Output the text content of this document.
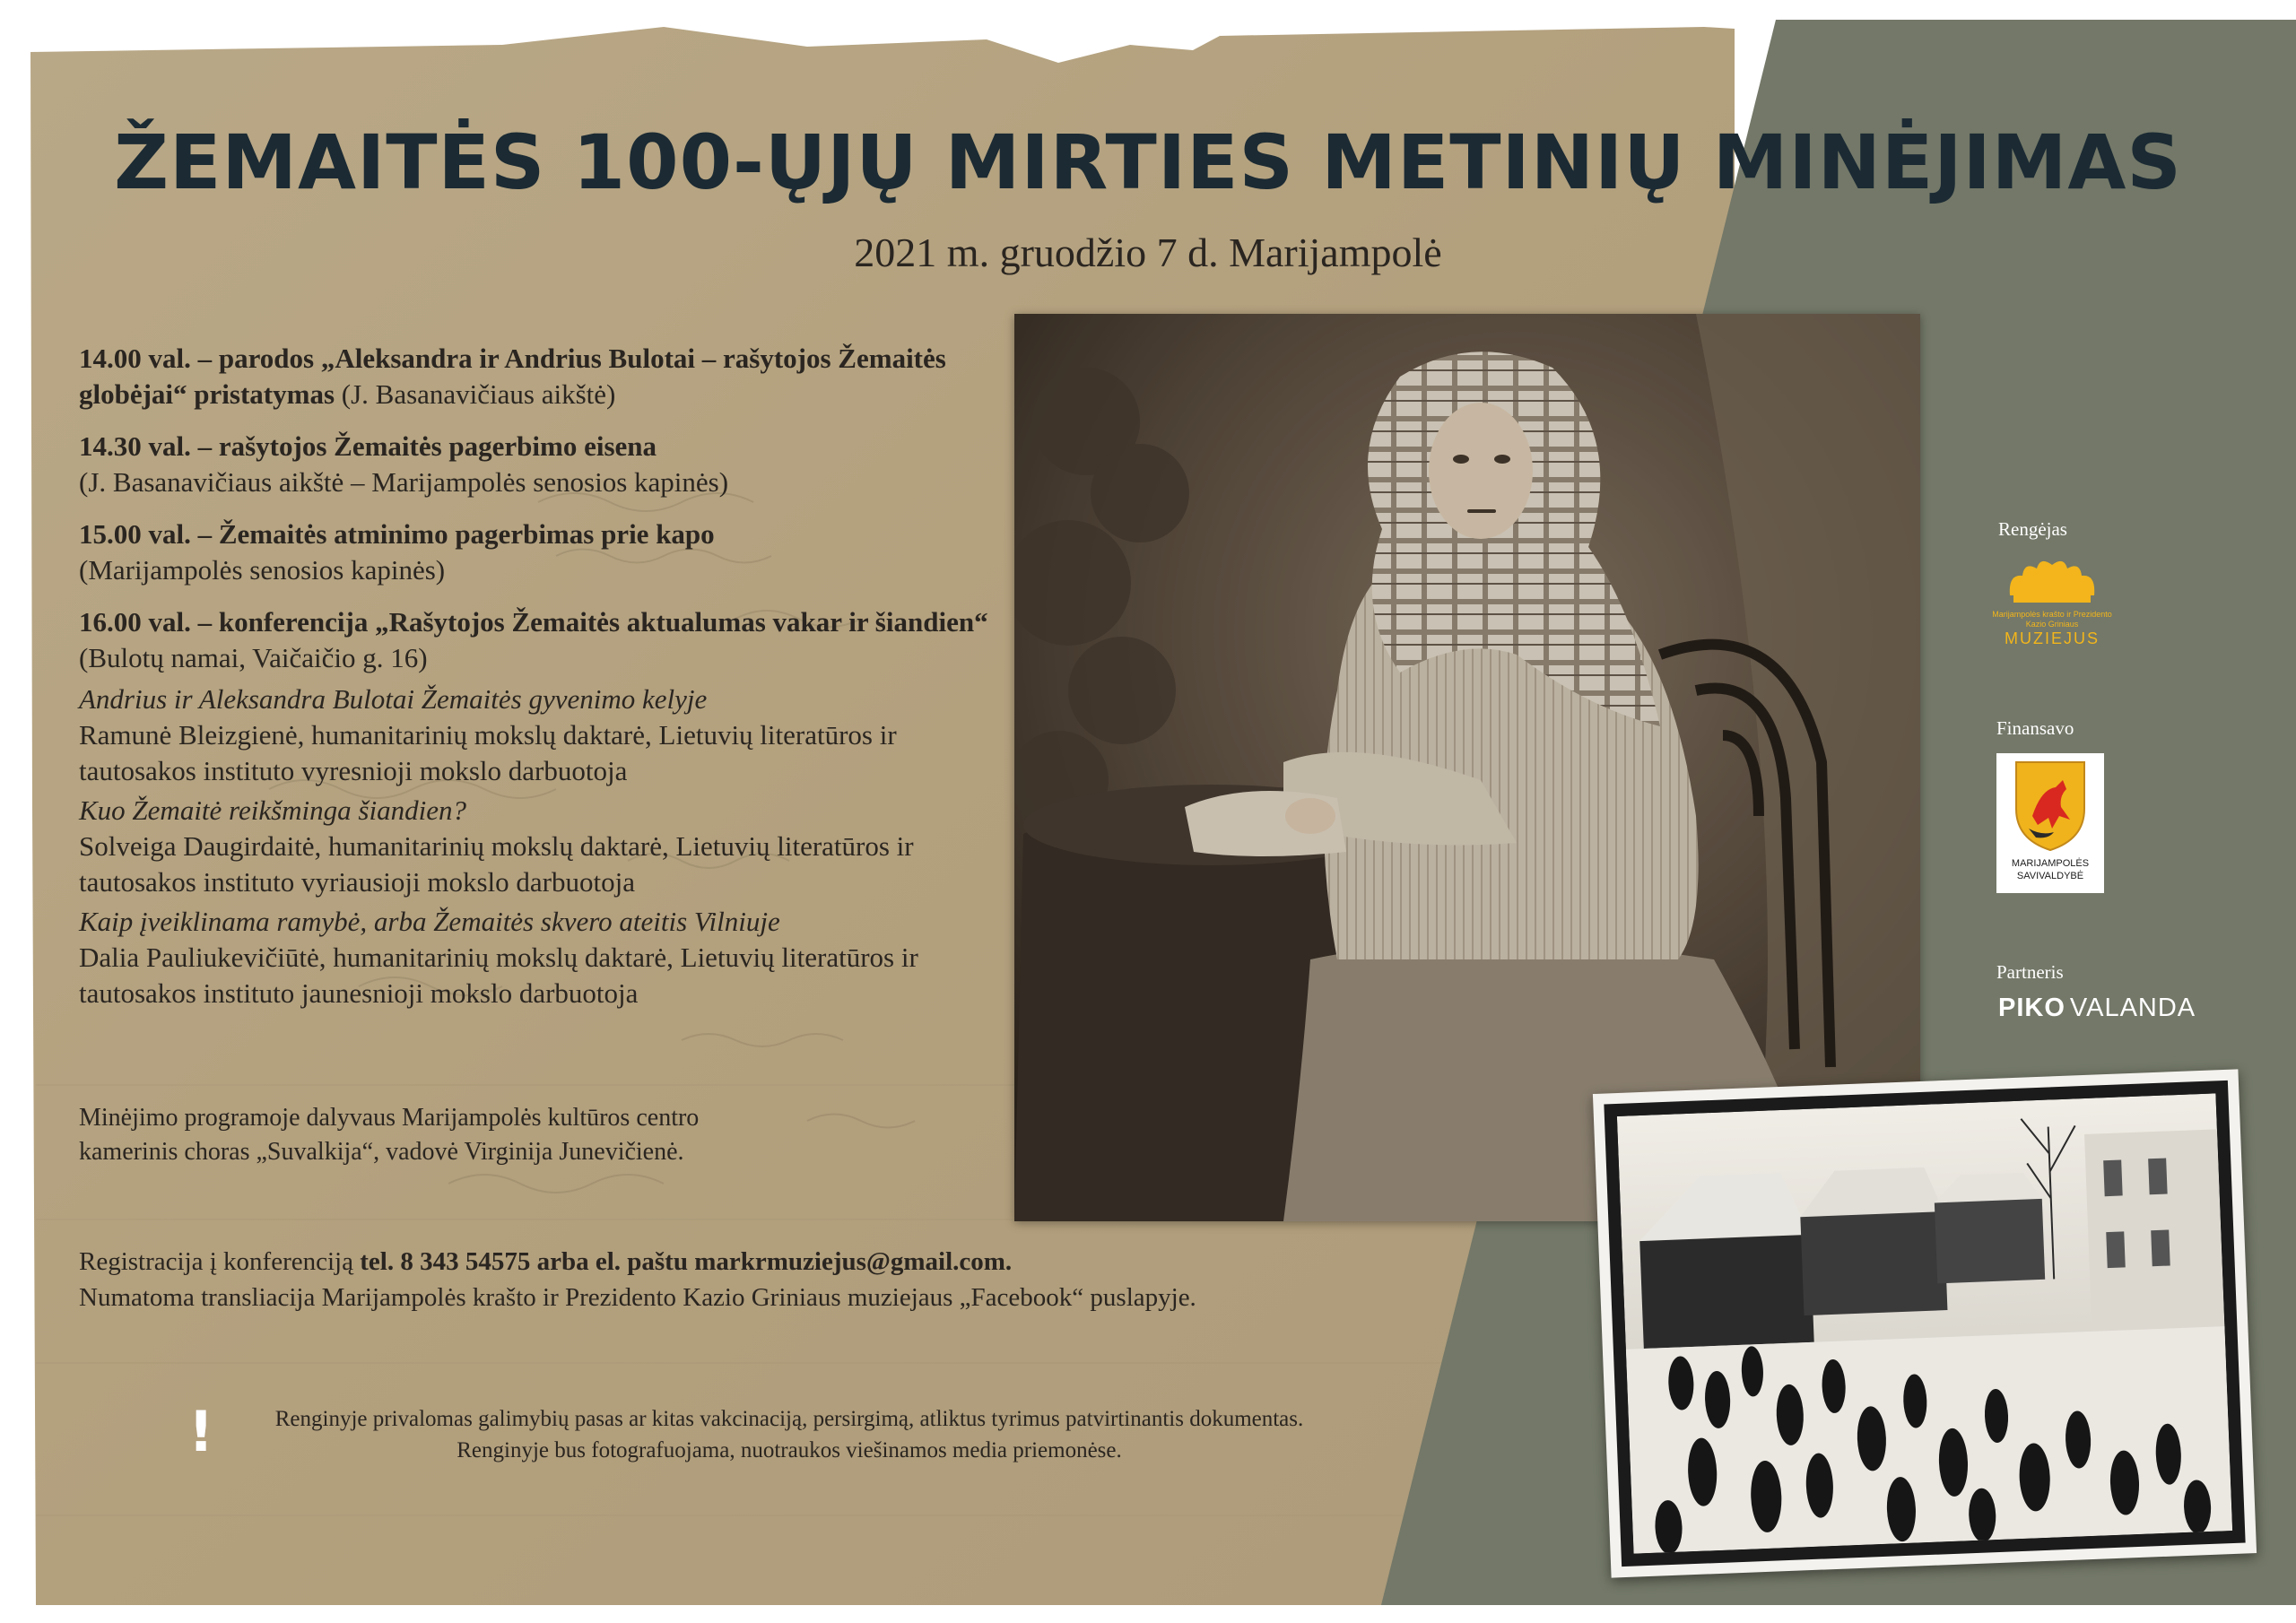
ŽEMAITĖS 100-ŲJŲ MIRTIES METINIŲ MINĖJIMAS
2021 m. gruodžio 7 d. Marijampolė
14.00 val. – parodos „Aleksandra ir Andrius Bulotai – rašytojos Žemaitės globėjai“ pristatymas (J. Basanavičiaus aikštė)
14.30 val. – rašytojos Žemaitės pagerbimo eisena
(J. Basanavičiaus aikštė – Marijampolės senosios kapinės)
15.00 val. – Žemaitės atminimo pagerbimas prie kapo
(Marijampolės senosios kapinės)
16.00 val. – konferencija „Rašytojos Žemaitės aktualumas vakar ir šiandien“
(Bulotų namai, Vaičaičio g. 16)
Andrius ir Aleksandra Bulotai Žemaitės gyvenimo kelyje
Ramunė Bleizgienė, humanitarinių mokslų daktarė, Lietuvių literatūros ir tautosakos instituto vyresnioji mokslo darbuotoja
Kuo Žemaitė reikšminga šiandien?
Solveiga Daugirdaitė, humanitarinių mokslų daktarė, Lietuvių literatūros ir tautosakos instituto vyriausioji mokslo darbuotoja
Kaip įveiklinama ramybė, arba Žemaitės skvero ateitis Vilniuje
Dalia Pauliukevičiūtė, humanitarinių mokslų daktarė, Lietuvių literatūros ir tautosakos instituto jaunesnioji mokslo darbuotoja
Minėjimo programoje dalyvaus Marijampolės kultūros centro
kamerinis choras „Suvalkija“, vadovė Virginija Junevičienė.
Registracija į konferenciją tel. 8 343 54575 arba el. paštu markrmuziejus@gmail.com.
Numatoma transliacija Marijampolės krašto ir Prezidento Kazio Griniaus muziejaus „Facebook“ puslapyje.
!	Renginyje privalomas galimybių pasas ar kitas vakcinaciją, persirgimą, atliktus tyrimus patvirtinantis dokumentas.
Renginyje bus fotografuojama, nuotraukos viešinamos media priemonėse.
Rengėjas
Marijampolės krašto ir Prezidento Kazio Griniaus
MUZIEJUS
Finansavo
MARIJAMPOLĖS
SAVIVALDYBĖ
Partneris
PIKO VALANDA
